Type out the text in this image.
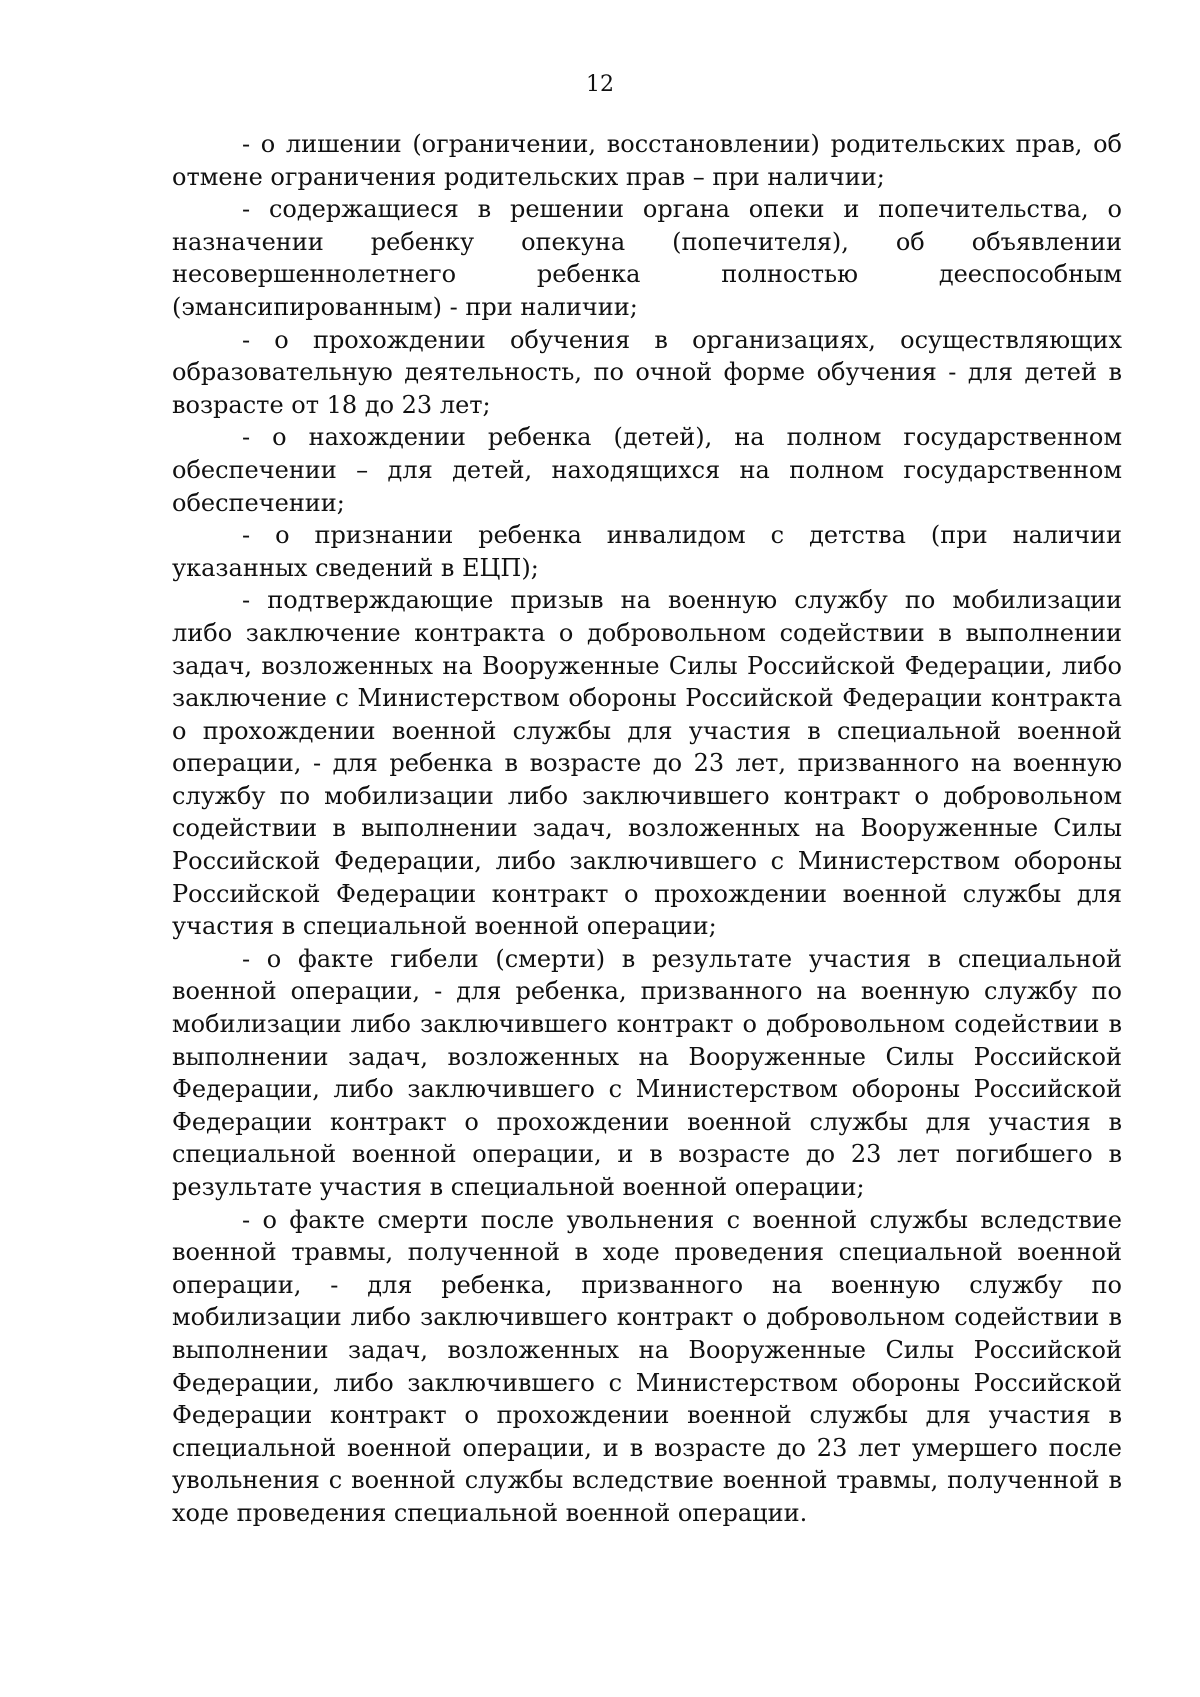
12

- о лишении (ограничении, восстановлении) родительских прав, об отмене ограничения родительских прав – при наличии;

- содержащиеся в решении органа опеки и попечительства, о назначении ребенку опекуна (попечителя), об объявлении несовершеннолетнего ребенка полностью дееспособным (эмансипированным) - при наличии;

- о прохождении обучения в организациях, осуществляющих образовательную деятельность, по очной форме обучения - для детей в возрасте от 18 до 23 лет;

- о нахождении ребенка (детей), на полном государственном обеспечении – для детей, находящихся на полном государственном обеспечении;

- о признании ребенка инвалидом с детства (при наличии указанных сведений в ЕЦП);

- подтверждающие призыв на военную службу по мобилизации либо заключение контракта о добровольном содействии в выполнении задач, возложенных на Вооруженные Силы Российской Федерации, либо заключение с Министерством обороны Российской Федерации контракта о прохождении военной службы для участия в специальной военной операции, - для ребенка в возрасте до 23 лет, призванного на военную службу по мобилизации либо заключившего контракт о добровольном содействии в выполнении задач, возложенных на Вооруженные Силы Российской Федерации, либо заключившего с Министерством обороны Российской Федерации контракт о прохождении военной службы для участия в специальной военной операции;

- о факте гибели (смерти) в результате участия в специальной военной операции, - для ребенка, призванного на военную службу по мобилизации либо заключившего контракт о добровольном содействии в выполнении задач, возложенных на Вооруженные Силы Российской Федерации, либо заключившего с Министерством обороны Российской Федерации контракт о прохождении военной службы для участия в специальной военной операции, и в возрасте до 23 лет погибшего в результате участия в специальной военной операции;

- о факте смерти после увольнения с военной службы вследствие военной травмы, полученной в ходе проведения специальной военной операции, - для ребенка, призванного на военную службу по мобилизации либо заключившего контракт о добровольном содействии в выполнении задач, возложенных на Вооруженные Силы Российской Федерации, либо заключившего с Министерством обороны Российской Федерации контракт о прохождении военной службы для участия в специальной военной операции, и в возрасте до 23 лет умершего после увольнения с военной службы вследствие военной травмы, полученной в ходе проведения специальной военной операции.
